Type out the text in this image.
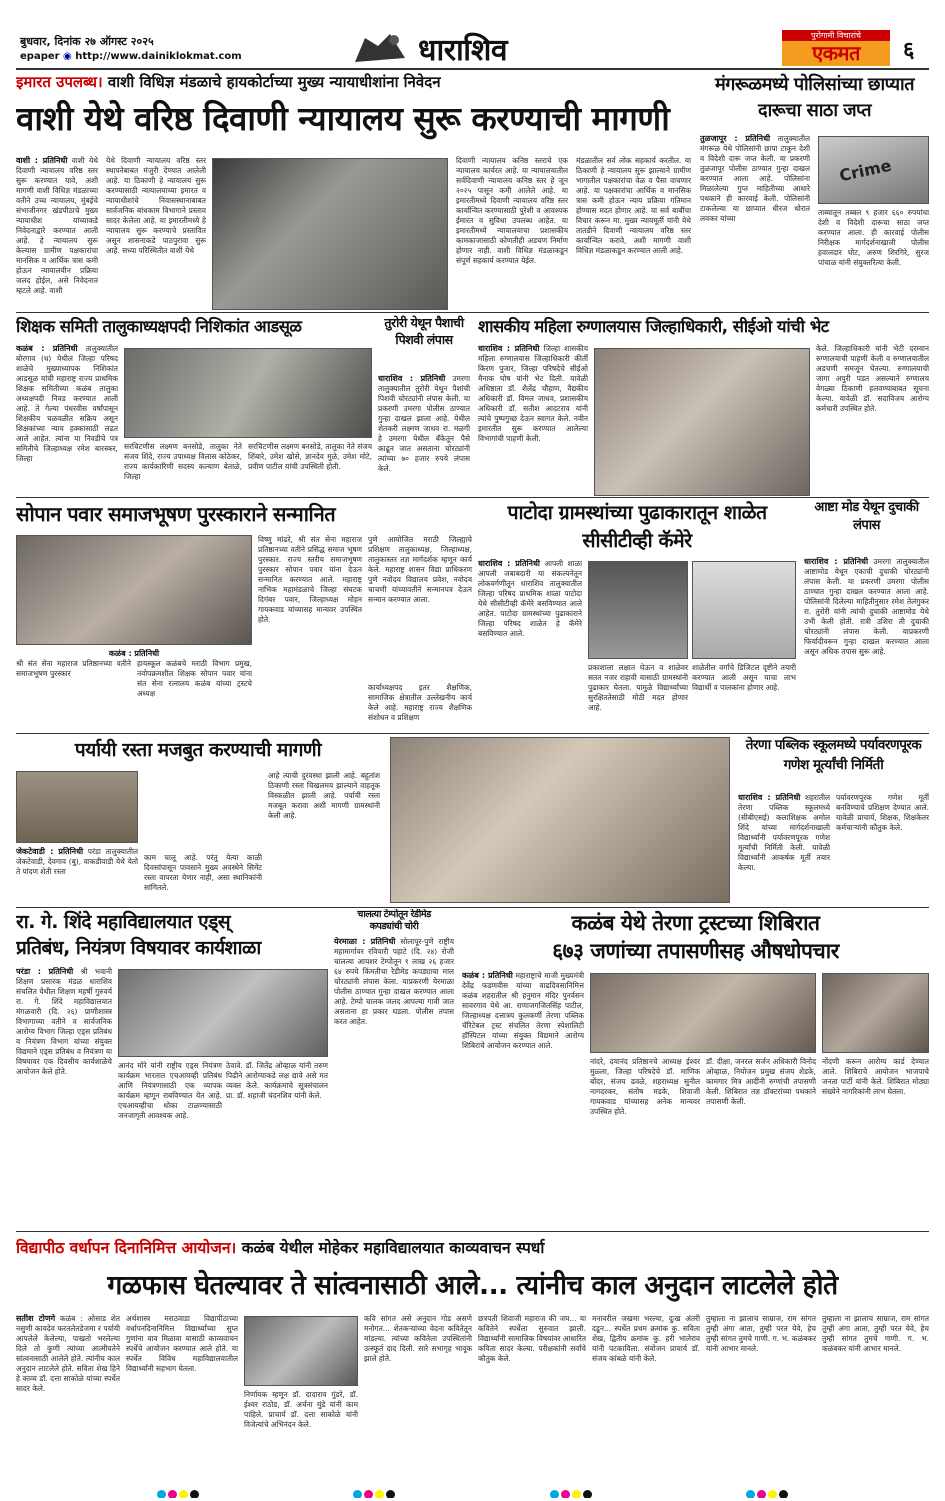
बुधवार, दिनांक २७ ऑगस्ट २०२५
epaper ◉ http://www.dainiklokmat.com	धाराशिव	पुरोगामी विचारांचे
एकमत	६
इमारत उपलब्ध। वाशी विधिज्ञ मंडळाचे हायकोर्टाच्या मुख्य न्यायाधीशांना निवेदन
वाशी येथे वरिष्ठ दिवाणी न्यायालय सुरू करण्याची मागणी
वाशी : प्रतिनिधी वाशी येथे दिवाणी न्यायालय वरिष्ठ स्तर सुरू करण्यात यावे, अशी मागणी वाशी विधिज्ञ मंडळाच्या वतीने उच्च न्यायालय, मुंबईचे संभाजीनगर खंडपीठाचे मुख्य न्यायाधीश यांच्याकडे निवेदनाद्वारे करण्यात आली आहे. हे न्यायालय सुरू केल्यास ग्रामीण पक्षकारांचा मानसिक व आर्थिक त्रास कमी होऊन न्यायालयीन प्रक्रिया जलद होईल, असे निवेदनात म्हटले आहे. वाशी
येथे दिवाणी न्यायालय वरिष्ठ स्तर स्थापनेबाबत मंजुरी देण्यात आलेली आहे. या ठिकाणी हे न्यायालय सुरू करण्यासाठी न्यायालयाच्या इमारत व न्यायाधीशांचे निवासस्थानाबाबत सार्वजनिक बांधकाम विभागाने प्रस्ताव सादर केलेला आहे. या इमारतीमध्ये हे न्यायालय सुरू करण्याचे प्रस्तावित असून शासनाकडे पाठपुरावा सुरू आहे. सध्या परिस्थितीत वाशी येथे
दिवाणी न्यायालय कनिष्ठ स्तराचे एक न्यायालय कार्यरत आहे. या न्यायालयातील सर्वदिवाणी न्यायालय कनिष्ठ स्तर हे जून २०२५ पासून कमी आलेले आहे. या इमारतीमध्ये दिवाणी न्यायालय वरिष्ठ स्तर कार्यान्वित करण्यासाठी पुरेशी व आवश्यक ईमारत व सुविधा उपलब्ध आहेत. या इमारतीमध्ये न्यायालयाचा प्रशासकीय कामकाजासाठी कोणतीही अडचण निर्माण होणार नाही. वाशी विधिज्ञ मंडळाकडून संपूर्ण सहकार्य करण्यात येईल.
मंडळातील सर्व लोक सहकार्य करतील. या ठिकाणी हे न्यायालय सुरू झाल्याने ग्रामीण भागातील पक्षकारांचा वेळ व पैसा वाचणार आहे. या पक्षकारांचा आर्थिक व मानसिक त्रास कमी होऊन न्याय प्रक्रिया गतिमान होण्यास मदत होणार आहे. या सर्व बाबींचा विचार करून मा. मुख्य न्यायमूर्ती यांनी येथे तातडीने दिवाणी न्यायालय वरिष्ठ स्तर कार्यान्वित करावे, अशी मागणी वाशी विधिज्ञ मंडळाकडून करण्यात आली आहे.
मंगरूळमध्ये पोलिसांच्या छाप्यात दारूचा साठा जप्त
तुळजापूर : प्रतिनिधी तालुक्यातील मंगरूळ येथे पोलिसांनी छापा टाकून देशी व विदेशी दारू जप्त केली. या प्रकरणी तुळजापूर पोलीस ठाण्यात गुन्हा दाखल करण्यात आला आहे. पोलिसांना मिळालेल्या गुप्त माहितीच्या आधारे पथकाने ही कारवाई केली. पोलिसांनी टाकलेल्या या छाप्यात धीरज थोरात लवकर यांच्या
Crime
ताब्यातून तब्बल ९ हजार ६६० रुपयांचा देशी व विदेशी दारूचा साठा जप्त करण्यात आला. ही कारवाई पोलीस निरीक्षक मार्गदर्शनाखाली पोलीस हवालदार घोट, अरुण शिरगिरे, सुरज पांचाळ यांनी संयुक्तरित्या केली.
शिक्षक समिती तालुकाध्यक्षपदी निशिकांत आडसूळ
कळंब : प्रतिनिधी तालुक्यातील बोरगाव (ध) येथील जिल्हा परिषद शाळेचे मुख्याध्यापक निशिकांत आडसूळ यांची महाराष्ट्र राज्य प्राथमिक शिक्षक समितीच्या कळंब तालुका अध्यक्षपदी निवड करण्यात आली आहे. ते गेल्या पंधरवीस वर्षांपासून शिक्षकीय चळवळीत सक्रिय असून शिक्षकांच्या न्याय हक्कासाठी लढत आले आहेत. त्यांना या निवडीचे पत्र समितीचे जिल्हाध्यक्ष रमेश बारस्कर, जिल्हा
सरचिटणीस लक्ष्मण बनसोडे, तालुका नेते संजय शिंदे, राज्य उपाध्यक्ष विलास कोठेकर, राज्य कार्यकारिणी सदस्य कल्याण बेताळे, जिल्हा
सरचिटणीस लक्ष्मण बनसोडे, तालुका नेते संजय शिंबारे, उमेश खोसे, ज्ञानदेव मुळे, उमेश मोटे, प्रवीण पाटील यांची उपस्थिती होती.
तुरोरी येथून पैशाची पिशवी लंपास
धाराशिव : प्रतिनिधी उमरगा तालुक्यातील तुरोरी येथून पैशांची पिशवी चोरट्यांनी लंपास केली. या प्रकरणी उमरगा पोलीस ठाण्यात गुन्हा दाखल झाला आहे. येथील शेतकरी लक्ष्मण जाधव रा. मळगी हे उमरगा येथील बँकेतून पैसे काढून जात असताना चोरट्यांनी त्यांच्या ७० हजार रुपये लंपास केले.
शासकीय महिला रुग्णालयास जिल्हाधिकारी, सीईओ यांची भेट
धाराशिव : प्रतिनिधी जिल्हा शासकीय महिला रुग्णालयास जिल्हाधिकारी कीर्ती किरण पुजार, जिल्हा परिषदेचे सीईओ मैनाक घोष यांनी भेट दिली. यावेळी अधिष्ठाता डॉ. शैलेंद्र चौहाण, वैद्यकीय अधिकारी डॉ. विमल जाधव, प्रशासकीय अधिकारी डॉ. सतीश आदटराव यांनी त्यांचे पुष्पगुच्छ देऊन स्वागत केले. नवीन इमारतीत सुरू करण्यात आलेल्या विभागांची पाहणी केली.
केले. जिल्हाधिकारी यांनी भेटी दरम्यान रुग्णालयाची पाहणी केली व रुग्णालयातील अडचणी समजून घेतल्या. रुग्णालयाची जागा अपुरी पडत असल्याने रुग्णालय वेगळ्या ठिकाणी हलवण्याबाबत सूचना केल्या. यावेळी डॉ. सदाविजय आरोग्य कर्मचारी उपस्थित होते.
सोपान पवार समाजभूषण पुरस्काराने सन्मानित
कळंब : प्रतिनिधी
श्री संत सेना महाराज प्रतिष्ठानच्या वतीने समाजभूषण पुरस्कार
हायस्कूल कळंबचे मराठी विभाग प्रमुख, नवोपक्रमशील शिक्षक सोपान पवार यांना संत सेना रत्नालय कळंब यांच्या ट्रस्टचे अध्यक्ष
विष्णु मांढरे, श्री संत सेना महाराज प्रतिष्ठानच्या वतीने प्रसिद्ध समाज भूषण पुरस्कार. राज्य स्तरीय समाजभूषण पुरस्कार सोपान पवार यांना देऊन सन्मानित करण्यात आले. महाराष्ट्र नाभिक महामंडळाचे जिल्हा संघटक दिगंबर पवार, जिल्हाध्यक्ष मोहन गायकवाड यांच्यासह मान्यवर उपस्थित होते.
पुणे आयोजित मराठी जिल्ह्याचे प्रशिक्षण तालुकाध्यक्ष, जिल्हाध्यक्ष, तालुकास्तर तज्ञ मार्गदर्शक म्हणून कार्य केले. महाराष्ट्र शासन विद्या प्राधिकरण पुणे नवोदय विद्यालय प्रवेश, नवोदय चाचणी यांच्यावतीने सन्मानपत्र देऊन सन्मान करण्यात आला.
कार्याध्यक्षपद इतर शैक्षणिक, सामाजिक क्षेत्रातील उल्लेखनीय कार्य केले आहे. महाराष्ट्र राज्य शैक्षणिक संशोधन व प्रशिक्षण
पाटोदा ग्रामस्थांच्या पुढाकारातून शाळेत सीसीटीव्ही कॅमेरे
धाराशिव : प्रतिनिधी आपली शाळा आपली जबाबदारी या संकल्पनेतून लोकवर्गणीतून धाराशिव तालुक्यातील जिल्हा परिषद प्राथमिक शाळा पाटोदा येथे सीसीटीव्ही कॅमेरे बसविण्यात आले आहेत. पाटोदा ग्रामस्थांच्या पुढाकाराने जिल्हा परिषद शाळेत हे कॅमेरे बसविण्यात आले.
प्रकाशाला लक्षात घेऊन व शाळेवर सतत नजर राहावी यासाठी ग्रामस्थांनी पुढाकार घेतला. यामुळे विद्यार्थ्यांच्या सुरक्षिततेसाठी मोठी मदत होणार आहे.
शाळेतील वर्गांचे डिजिटल दृष्टीने तयारी करण्यात आली असून याचा लाभ विद्यार्थी व पालकांना होणार आहे.
आष्टा मोड येथून दुचाकी लंपास
धाराशिव : प्रतिनिधी उमरगा तालुक्यातील आष्टामोड येथून एकाची दुचाकी चोरट्यांनी लंपास केली. या प्रकरणी उमरगा पोलीस ठाण्यात गुन्हा दाखल करण्यात आला आहे. पोलिसांनी दिलेल्या माहितीनुसार रमेश तेलंगुकर रा. तुरोरी यांनी त्यांची दुचाकी आष्टामोड येथे उभी केली होती. रात्री उशिरा ती दुचाकी चोरट्यांनी लंपास केली. याप्रकरणी फिर्यादीवरून गुन्हा दाखल करण्यात आला असून अधिक तपास सुरू आहे.
पर्यायी रस्ता मजबुत करण्याची मागणी
जेकटेवाडी : प्रतिनिधी परंडा तालुक्यातील जेकटेवाडी, देवगाव (बु), वाकडीवाडी येथे येतो ते पांदण शेती रस्ता
काम चालू आहे. परंतु येत्या काळी दिवसांपासून पावसाने मुख्य अवस्थेने सिमेंट रस्ता वापरता येणार नाही, असा स्थानिकांनी सांगितले.
आहे त्याची दुरवस्था झाली आहे. बहुतांश ठिकाणी रस्ता चिखलमय झाल्याने वाहतूक विस्कळीत झाली आहे. पर्यायी रस्ता मजबूत करावा अशी मागणी ग्रामस्थांनी केली आहे.
तेरणा पब्लिक स्कूलमध्ये पर्यावरणपूरक गणेश मूर्त्यांची निर्मिती
धाराशिव : प्रतिनिधी शहरातील तेरणा पब्लिक स्कूलमध्ये (सीबीएसई) कलाशिक्षक अमोल शिंदे यांच्या मार्गदर्शनाखाली विद्यार्थ्यांनी पर्यावरणपूरक गणेश मूर्त्यांची निर्मिती केली. यावेळी विद्यार्थ्यांनी आकर्षक मूर्ती तयार केल्या.
पर्यावरणपूरक गणेश मूर्ती बनविण्याचे प्रशिक्षण देण्यात आले. यावेळी प्राचार्य, शिक्षक, शिक्षकेतर कर्मचाऱ्यांनी कौतुक केले.
रा. गे. शिंदे महाविद्यालयात एड्स्
प्रतिबंध, नियंत्रण विषयावर कार्यशाळा
परंडा : प्रतिनिधी श्री भवानी शिक्षण प्रसारक मंडळ धाराशिव संचलित येथील शिक्षण महर्षी गुरुवर्य रा. गे. शिंदे महाविद्यालयात मंगळवारी (दि. २६) प्राणीशास्त्र विभागाच्या वतीने व सार्वजनिक आरोग्य विभाग जिल्हा एड्स प्रतिबंध व नियंत्रण विभाग यांच्या संयुक्त विद्यमाने एड्स प्रतिबंध व नियंत्रण या विषयावर एक दिवसीय कार्यशाळेचे आयोजन केले होते.
आनंद मोरे यांनी राष्ट्रीय एड्स नियंत्रण कार्यक्रम भारतात एचआयव्ही प्रतिबंध आणि नियंत्रणासाठी एक व्यापक कार्यक्रम म्हणून राबविण्यात येत आहे. एचआयव्हीचा धोका टाळण्यासाठी जनजागृती आवश्यक आहे.
ठेवावे. डॉ. जितेंद्र ओव्हाळ यांनी तरुण पिढीने आरोग्याकडे लक्ष द्यावे असे मत व्यक्त केले. कार्यक्रमाचे सूत्रसंचालन प्रा. डॉ. शहाजी चंदनशिव यांनी केले.
चालत्या टेम्पोतून रेडीमेड
कपड्यांची चोरी
येरमाळा : प्रतिनिधी सोलापूर-पुणे राष्ट्रीय महामार्गावर रविवारी पहाटे (दि. २४) रोजी चालत्या आयशर टेम्पोतून १ लाख २६ हजार ६४ रुपये किंमतीचा रेडीमेड कपड्याचा माल चोरट्यांनी लंपास केला. याप्रकरणी येरमाळा पोलीस ठाण्यात गुन्हा दाखल करण्यात आला आहे. टेम्पो चालक जलद आपल्या गावी जात असताना हा प्रकार घडला. पोलीस तपास करत आहेत.
कळंब येथे तेरणा ट्रस्टच्या शिबिरात
६७३ जणांच्या तपासणीसह औषधोपचार
कळंब : प्रतिनिधी महाराष्ट्राचे माजी मुख्यमंत्री देवेंद्र फडणवीस यांच्या वाढदिवसानिमित्त कळंब शहरातील श्री हनुमान मंदिर पुनर्वसन सावरगाव येथे आ. राणाजगजितसिंह पाटील, जिल्हाध्यक्ष दत्तात्रय कुलकर्णी तेरणा पब्लिक चॅरिटेबल ट्रस्ट संचलित तेरणा स्पेशालिटी हॉस्पिटल यांच्या संयुक्त विद्यमाने आरोग्य शिबिराचे आयोजन करण्यात आले.
नांदरे, दयानंद प्रतिष्ठानचे आध्यक्ष ईश्वर मुळ्ला, जिल्हा परिषदेचे डॉ. माणिक बोंदर, संजय ढवळे, शहराध्यक्ष सुनील नागदरकर, संतोष मडके, शिवाजी गायकवाड यांच्यासह अनेक मान्यवर उपस्थित होते.
डॉ. दीक्षा, जनरल सर्जन अधिकारी विनोद ओव्हाळ, नियोजन प्रमुख संजय शेडके, कामगार मित्र आदींनी रुग्णांची तपासणी केली. शिबिरात तज्ञ डॉक्टरांच्या पथकाने तपासणी केली.
नोंदणी करून आरोग्य कार्ड देण्यात आले. शिबिराचे आयोजन भाजपाचे जनता पार्टी यांनी केले. शिबिरात मोठ्या संख्येने नागरिकांनी लाभ घेतला.
विद्यापीठ वर्धापन दिनानिमित्त आयोजन। कळंब येथील मोहेकर महाविद्यालयात काव्यवाचन स्पर्धा
गळफास घेतल्यावर ते सांत्वनासाठी आले... त्यांनीच काल अनुदान लाटलेले होते
सतीश टोणगे कळंब : ओसाड शेत नसुणी कायदेव फरतलेतडेजमा र पर्यायी आपलेले केलेल्या, पाखतो भरलेल्या दिले तो कुणी त्यांच्या आत्मीयतेने सांत्वनासाठी आलेले होते. त्यांनीच काल अनुदान लाटलेले होते. सविता शेख हिने हे काव्य डॉ. दत्ता साकोळे यांच्या स्पर्धेत सादर केले.
अर्थशास्त्र मराठवाडा विद्यापीठाच्या वर्धापनदिनानिमित्त विद्यार्थ्यांच्या सुप्त गुणांना वाव मिळावा यासाठी काव्यवाचन स्पर्धेचे आयोजन करण्यात आले होते. या स्पर्धेत विविध महाविद्यालयातील विद्यार्थ्यांनी सहभाग घेतला.
निर्णायक म्हणून डॉ. दादाराव गुंडरे, डॉ. ईश्वर राठोड, डॉ. अर्चना मुंडे यांनी काम पाहिले. प्राचार्य डॉ. दत्ता साकोळे यांनी विजेत्यांचे अभिनंदन केले.
कवि सांगत असे अनुदान गोड असणे मनोगत... शेतकऱ्यांच्या वेदना कवितेतून मांडल्या. त्यांच्या कवितेला उपस्थितांनी उत्स्फूर्त दाद दिली. सारे सभागृह भावूक झाले होते.
छत्रपती शिवाजी महाराज की जय... या कवितेने स्पर्धेला सुरुवात झाली. विद्यार्थ्यांनी सामाजिक विषयांवर आधारित कविता सादर केल्या. परीक्षकांनी सर्वांचे कौतुक केले.
मनावरील जखमा भरल्या, दुःख अंतरी दडून... स्पर्धेत प्रथम क्रमांक कु. सविता शेख, द्वितीय क्रमांक कु. हरी भालेराव यांनी पटकाविला. संयोजन प्राचार्य डॉ. संजय कांबळे यांनी केले.
तुम्हाला ना झालाच साम्राज, राम सांगत तुम्ही अंगा आता, तुम्ही परत येवे, हेच तुम्ही सांगत तुमचे गाणी. ग. भ. कळंबकर यांनी आभार मानले.
तुम्हाला ना झालाच साम्राज, राम सांगत तुम्ही अंगा आता, तुम्ही परत येवे, हेच तुम्ही सांगत तुमचे गाणी. ग. भ. कळंबकर यांनी आभार मानले.
